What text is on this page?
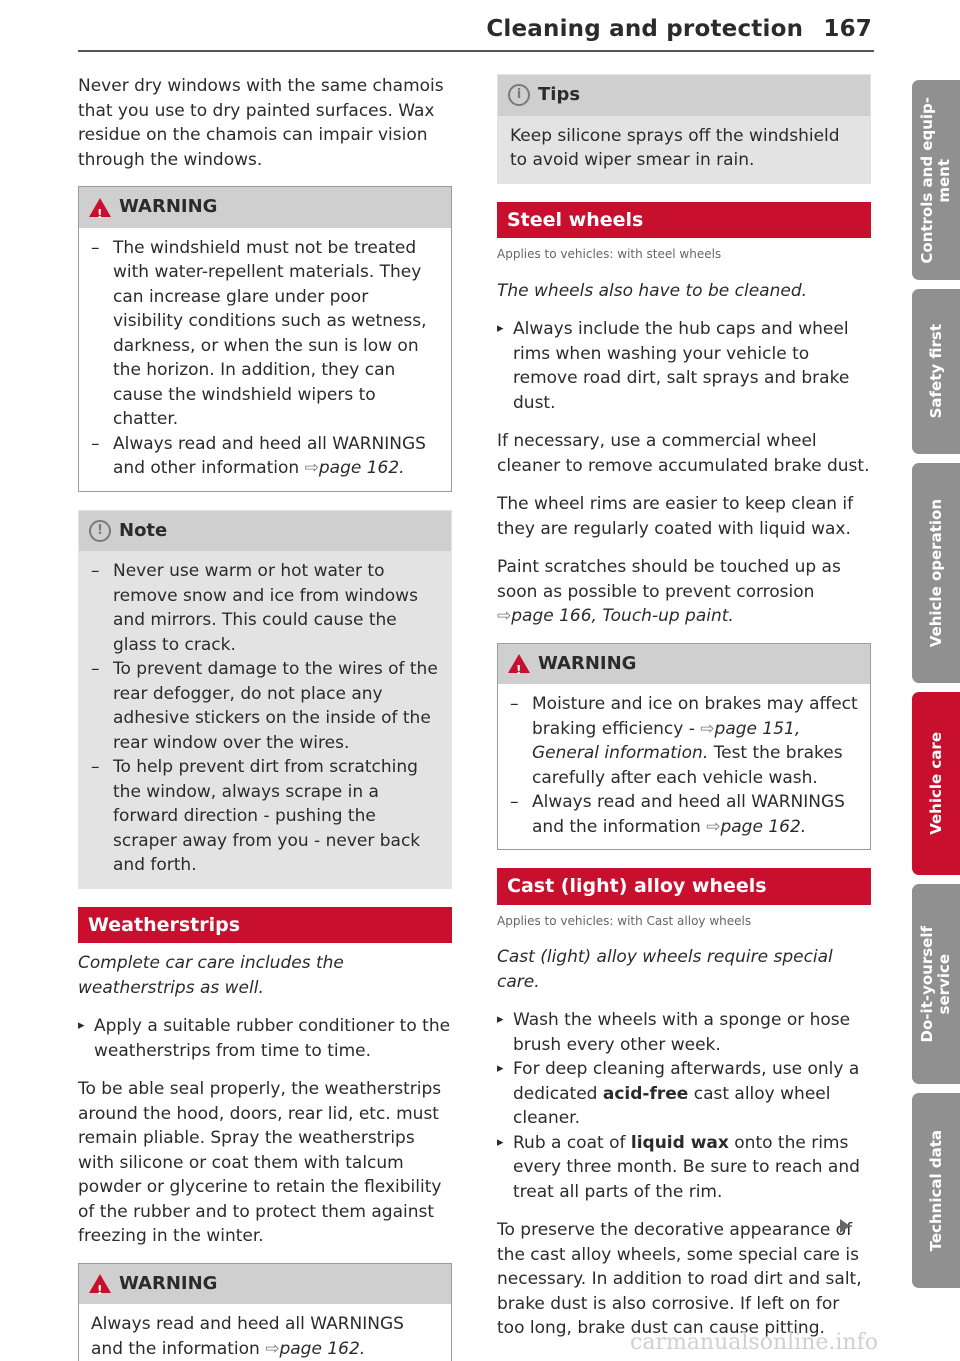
Cleaning and protection 167

Never dry windows with the same chamois that you use to dry painted surfaces. Wax residue on the chamois can impair vision through the windows.

!
WARNING
– The windshield must not be treated with water-repellent materials. They can increase glare under poor visibility conditions such as wetness, darkness, or when the sun is low on the horizon. In addition, they can cause the windshield wipers to chatter.
– Always read and heed all WARNINGS and other information ⇨page 162.
! Note
– Never use warm or hot water to remove snow and ice from windows and mirrors. This could cause the glass to crack.
– To prevent damage to the wires of the rear defogger, do not place any adhesive stickers on the inside of the rear window over the wires.
– To help prevent dirt from scratching the window, always scrape in a forward direction - pushing the scraper away from you - never back and forth.
Weatherstrips

Complete car care includes the weatherstrips as well.

▸ Apply a suitable rubber conditioner to the weatherstrips from time to time.

To be able seal properly, the weatherstrips around the hood, doors, rear lid, etc. must remain pliable. Spray the weatherstrips with silicone or coat them with talcum powder or glycerine to retain the flexibility of the rubber and to protect them against freezing in the winter.

!
WARNING
Always read and heed all WARNINGS and the information ⇨page 162.
i Tips
Keep silicone sprays off the windshield to avoid wiper smear in rain.
Steel wheels
Applies to vehicles: with steel wheels

The wheels also have to be cleaned.

▸ Always include the hub caps and wheel rims when washing your vehicle to remove road dirt, salt sprays and brake dust.

If necessary, use a commercial wheel cleaner to remove accumulated brake dust.

The wheel rims are easier to keep clean if they are regularly coated with liquid wax.

Paint scratches should be touched up as soon as possible to prevent corrosion ⇨page 166, Touch-up paint.

!
WARNING
– Moisture and ice on brakes may affect braking efficiency - ⇨page 151, General information. Test the brakes carefully after each vehicle wash.
– Always read and heed all WARNINGS and the information ⇨page 162.
Cast (light) alloy wheels
Applies to vehicles: with Cast alloy wheels

Cast (light) alloy wheels require special care.

▸ Wash the wheels with a sponge or hose brush every other week.
▸ For deep cleaning afterwards, use only a dedicated acid-free cast alloy wheel cleaner.
▸ Rub a coat of liquid wax onto the rims every three month. Be sure to reach and treat all parts of the rim.

To preserve the decorative appearance of the cast alloy wheels, some special care is necessary. In addition to road dirt and salt, brake dust is also corrosive. If left on for too long, brake dust can cause pitting.

Controls and equip-
ment
Safety first
Vehicle operation
Vehicle care
Do-it-yourself
service
Technical data
carmanualsonline.info
